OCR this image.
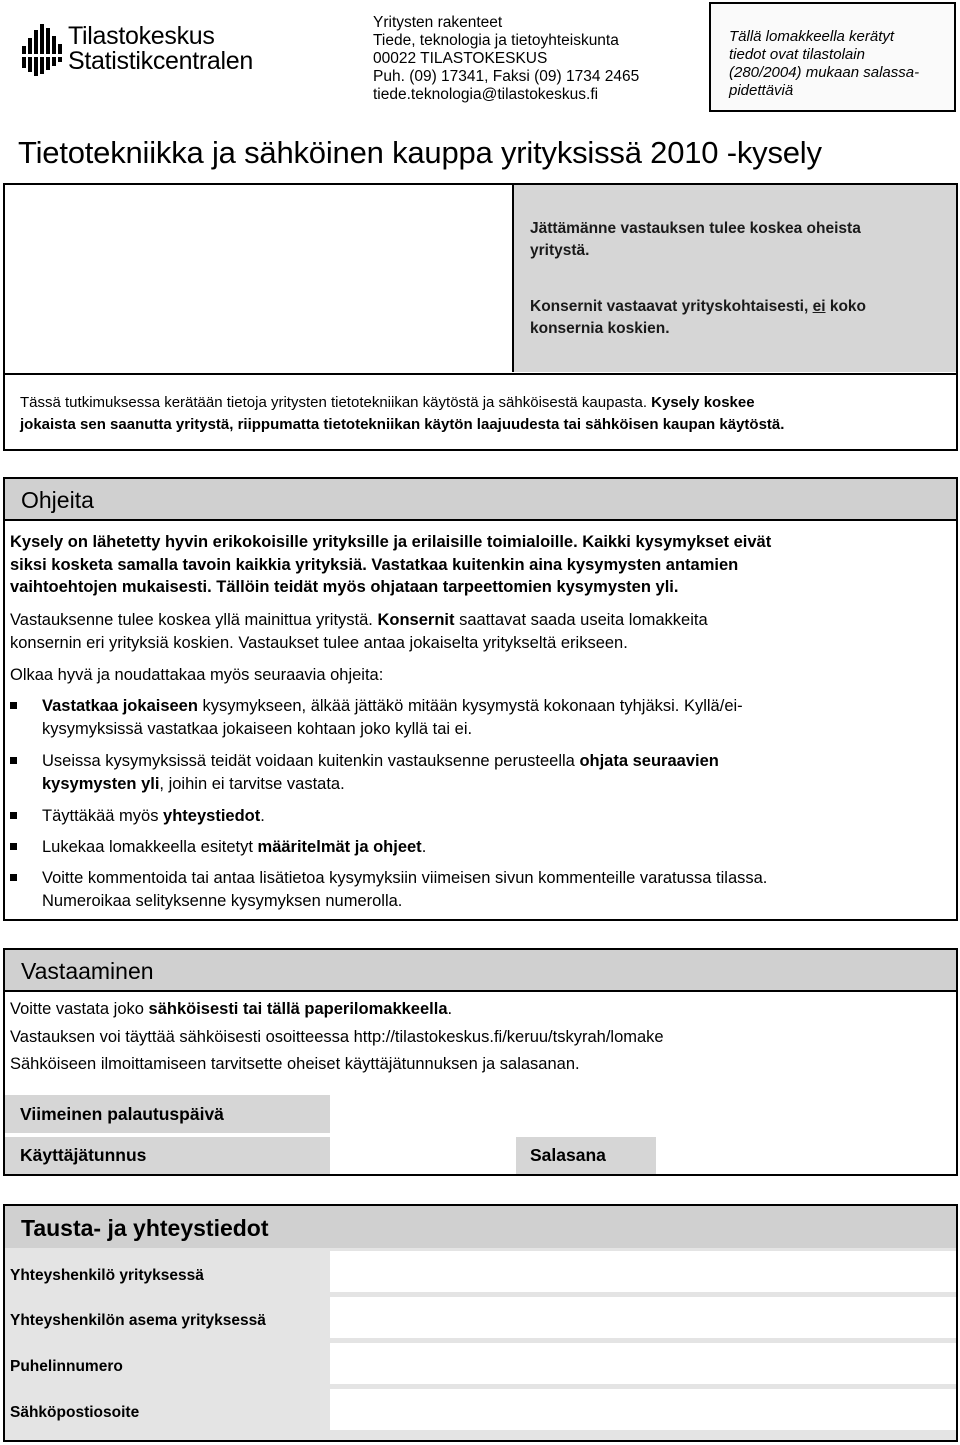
Tilastokeskus
Statistikcentralen
Yritysten rakenteet
Tiede, teknologia ja tietoyhteiskunta
00022 TILASTOKESKUS
Puh. (09) 17341, Faksi (09) 1734 2465
tiede.teknologia@tilastokeskus.fi
Tällä lomakkeella kerätyt
tiedot ovat tilastolain
(280/2004) mukaan salassa-
pidettäviä
Tietotekniikka ja sähköinen kauppa yrityksissä 2010 -kysely
Jättämänne vastauksen tulee koskea oheista
yritystä.
Konsernit vastaavat yrityskohtaisesti, ei koko
konsernia koskien.
Tässä tutkimuksessa kerätään tietoja yritysten tietotekniikan käytöstä ja sähköisestä kaupasta. Kysely koskee
jokaista sen saanutta yritystä, riippumatta tietotekniikan käytön laajuudesta tai sähköisen kaupan käytöstä.
Ohjeita
Kysely on lähetetty hyvin erikokoisille yrityksille ja erilaisille toimialoille. Kaikki kysymykset eivät
siksi kosketa samalla tavoin kaikkia yrityksiä. Vastatkaa kuitenkin aina kysymysten antamien
vaihtoehtojen mukaisesti. Tällöin teidät myös ohjataan tarpeettomien kysymysten yli.
Vastauksenne tulee koskea yllä mainittua yritystä. Konsernit saattavat saada useita lomakkeita
konsernin eri yrityksiä koskien. Vastaukset tulee antaa jokaiselta yritykseltä erikseen.
Olkaa hyvä ja noudattakaa myös seuraavia ohjeita:
Vastatkaa jokaiseen kysymykseen, älkää jättäkö mitään kysymystä kokonaan tyhjäksi. Kyllä/ei-
kysymyksissä vastatkaa jokaiseen kohtaan joko kyllä tai ei.
Useissa kysymyksissä teidät voidaan kuitenkin vastauksenne perusteella ohjata seuraavien
kysymysten yli, joihin ei tarvitse vastata.
Täyttäkää myös yhteystiedot.
Lukekaa lomakkeella esitetyt määritelmät ja ohjeet.
Voitte kommentoida tai antaa lisätietoa kysymyksiin viimeisen sivun kommenteille varatussa tilassa.
Numeroikaa selityksenne kysymyksen numerolla.
Vastaaminen
Voitte vastata joko sähköisesti tai tällä paperilomakkeella.
Vastauksen voi täyttää sähköisesti osoitteessa http://tilastokeskus.fi/keruu/tskyrah/lomake
Sähköiseen ilmoittamiseen tarvitsette oheiset käyttäjätunnuksen ja salasanan.
Viimeinen palautuspäivä
Käyttäjätunnus	Salasana
Tausta- ja yhteystiedot
Yhteyshenkilö yrityksessä
Yhteyshenkilön asema yrityksessä
Puhelinnumero
Sähköpostiosoite
